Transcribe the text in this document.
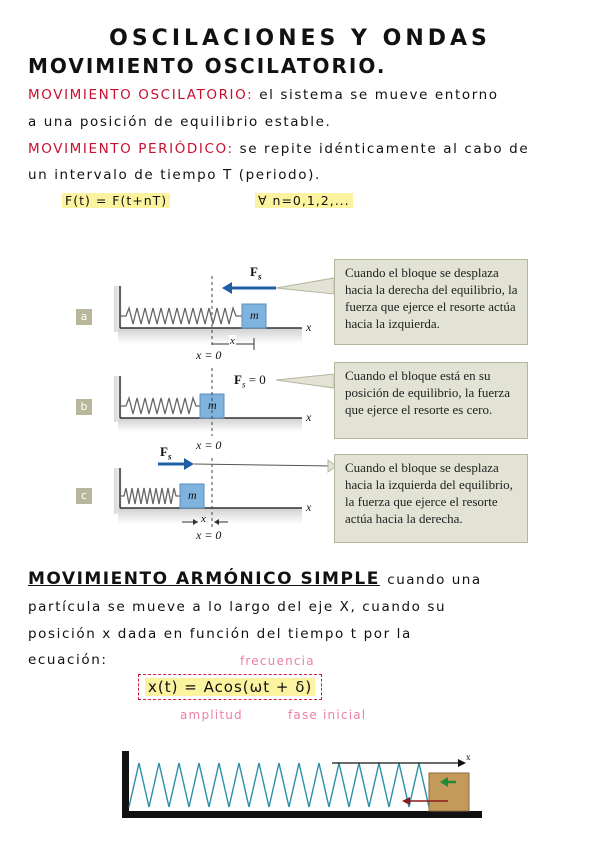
OSCILACIONES Y ONDAS
MOVIMIENTO OSCILATORIO.
MOVIMIENTO OSCILATORIO: el sistema se mueve entorno
a una posición de equilibrio estable.
MOVIMIENTO PERIÓDICO: se repite idénticamente al cabo de
un intervalo de tiempo T (periodo).
F(t) = F(t+nT)	∀ n=0,1,2,...
a
b
c
m
m
m
x
x
x
x = 0
x = 0
x = 0
x
x
$F_s$
$F_s = 0$
$F_s$
Cuando el bloque se desplaza hacia la derecha del equilibrio, la fuerza que ejerce el resorte actúa hacia la izquierda.
Cuando el bloque está en su posición de equilibrio, la fuerza que ejerce el resorte es cero.
Cuando el bloque se desplaza hacia la izquierda del equilibrio, la fuerza que ejerce el resorte actúa hacia la derecha.
MOVIMIENTO ARMÓNICO SIMPLE cuando una
partícula se mueve a lo largo del eje X, cuando su
posición x dada en función del tiempo t por la
ecuación:	frecuencia
x(t) = Acos(ωt + δ)
amplitud	fase inicial
x
